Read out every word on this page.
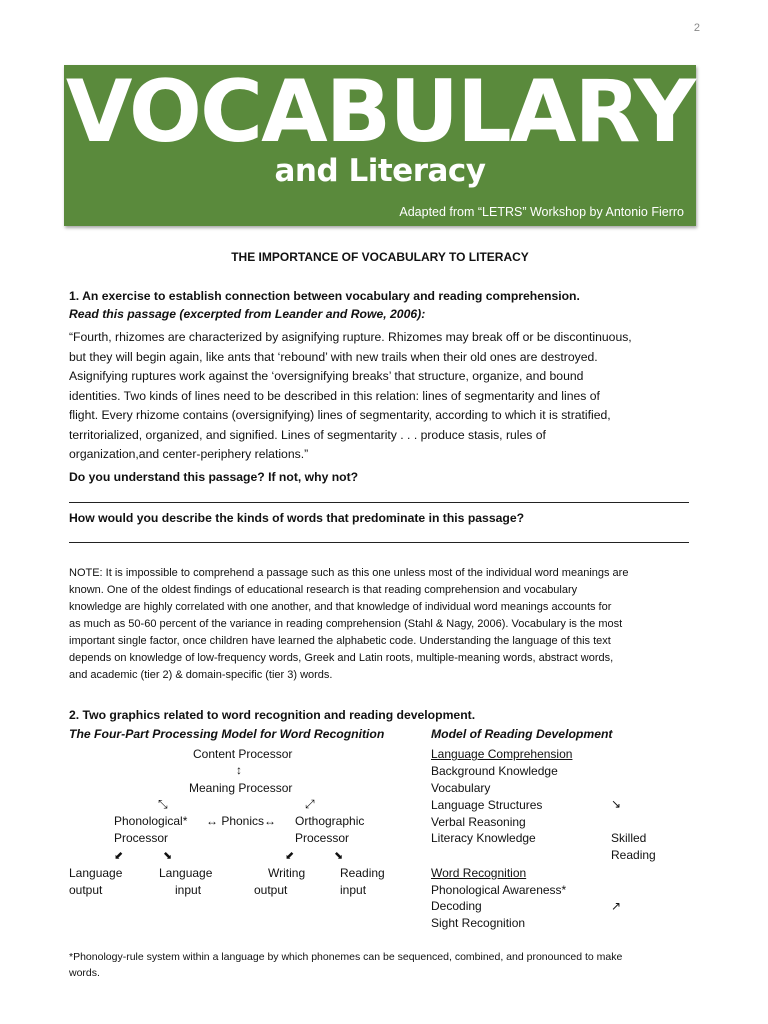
2
VOCABULARY
and Literacy
Adapted from “LETRS” Workshop by Antonio Fierro
THE IMPORTANCE OF VOCABULARY TO LITERACY
1. An exercise to establish connection between vocabulary and reading comprehension.
Read this passage (excerpted from Leander and Rowe, 2006):
“Fourth, rhizomes are characterized by asignifying rupture. Rhizomes may break off or be discontinuous,
but they will begin again, like ants that ‘rebound’ with new trails when their old ones are destroyed.
Asignifying ruptures work against the ‘oversignifying breaks’ that structure, organize, and bound
identities. Two kinds of lines need to be described in this relation: lines of segmentarity and lines of
flight. Every rhizome contains (oversignifying) lines of segmentarity, according to which it is stratified,
territorialized, organized, and signified. Lines of segmentarity . . . produce stasis, rules of
organization,and center-periphery relations.”
Do you understand this passage? If not, why not?
How would you describe the kinds of words that predominate in this passage?
NOTE: It is impossible to comprehend a passage such as this one unless most of the individual word meanings are
known. One of the oldest findings of educational research is that reading comprehension and vocabulary
knowledge are highly correlated with one another, and that knowledge of individual word meanings accounts for
as much as 50-60 percent of the variance in reading comprehension (Stahl & Nagy, 2006). Vocabulary is the most
important single factor, once children have learned the alphabetic code. Understanding the language of this text
depends on knowledge of low-frequency words, Greek and Latin roots, multiple-meaning words, abstract words,
and academic (tier 2) & domain-specific (tier 3) words.
2. Two graphics related to word recognition and reading development.
The Four-Part Processing Model for Word Recognition	Model of Reading Development
Content Processor
↕
Meaning Processor
⤡	⤢
Phonological*
Processor
↔ Phonics↔ Orthographic
Processor
⬋	⬊	⬋	⬊
Language
output
Language
input
Writing
output
Reading
input
Language Comprehension
Background Knowledge
Vocabulary
Language Structures
Verbal Reasoning
Literacy Knowledge
↘
Skilled
Reading
Word Recognition
Phonological Awareness*
Decoding
Sight Recognition
↗
*Phonology-rule system within a language by which phonemes can be sequenced, combined, and pronounced to make
words.
